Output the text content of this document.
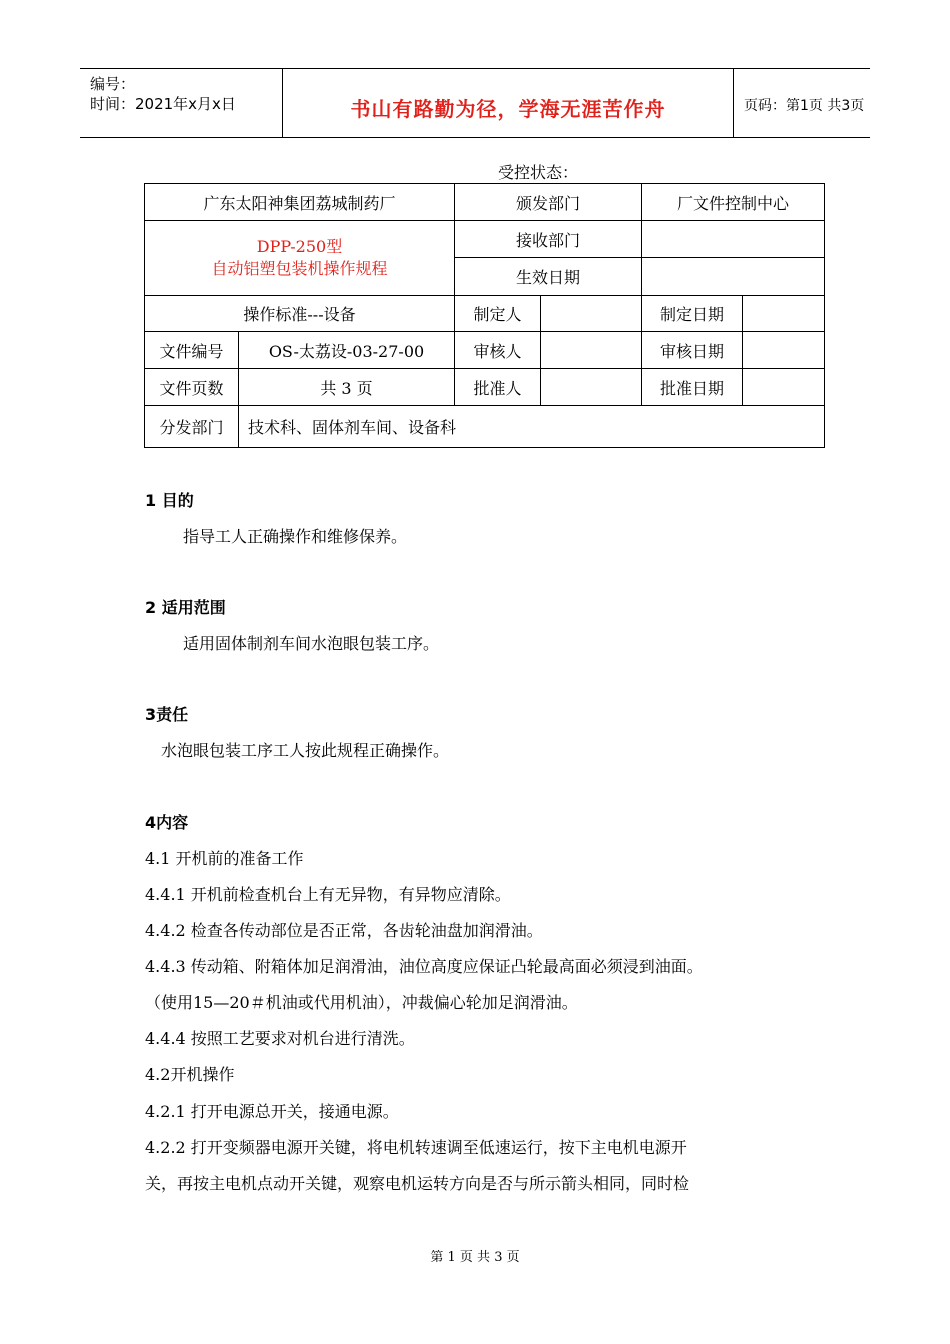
编号：
时间：2021年x月x日	书山有路勤为径，学海无涯苦作舟	页码：第1页 共3页
受控状态：
广东太阳神集团荔城制药厂		颁发部门		厂文件控制中心	

DPP-250型
自动铝塑包装机操作规程		接收部门			
		生效日期			
操作标准---设备		制定人		制定日期	
文件编号	OS-太荔设-03-27-00	审核人		审核日期	
文件页数	共 3 页	批准人		批准日期	
分发部门	技术科、固体剂车间、设备科				

1 目的

指导工人正确操作和维修保养。

2 适用范围

适用固体制剂车间水泡眼包装工序。

3责任

水泡眼包装工序工人按此规程正确操作。

4内容

4.1 开机前的准备工作

4.4.1 开机前检查机台上有无异物，有异物应清除。

4.4.2 检查各传动部位是否正常，各齿轮油盘加润滑油。

4.4.3 传动箱、附箱体加足润滑油，油位高度应保证凸轮最高面必须浸到油面。

（使用15—20＃机油或代用机油），冲裁偏心轮加足润滑油。

4.4.4 按照工艺要求对机台进行清洗。

4.2开机操作

4.2.1 打开电源总开关，接通电源。

4.2.2 打开变频器电源开关键，将电机转速调至低速运行，按下主电机电源开

关，再按主电机点动开关键，观察电机运转方向是否与所示箭头相同，同时检

第 1 页 共 3 页
